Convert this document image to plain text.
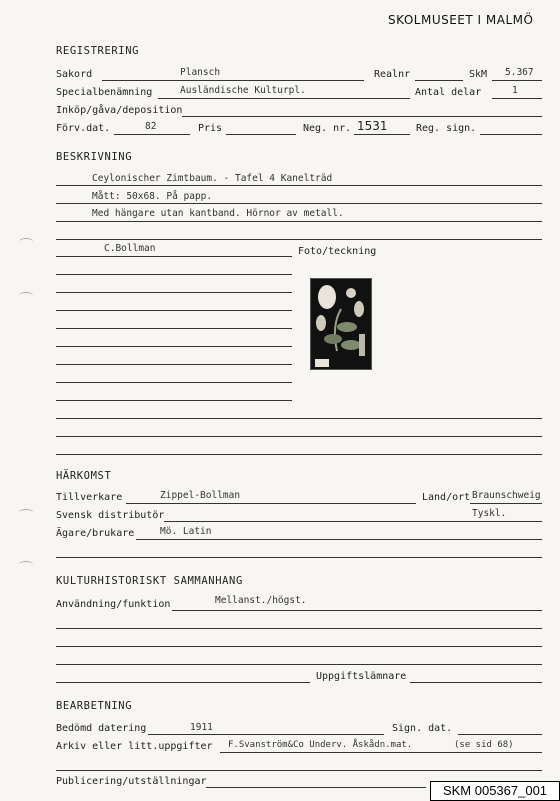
SKOLMUSEET I MALMÖ
REGISTRERING
Sakord	Plansch	Realnr	SkM 5.367
Specialbenämning	Ausländische Kulturpl.	Antal delar	1
Inköp/gåva/deposition
Förv.dat.	82	Pris	Neg. nr. 1531	Reg. sign.
BESKRIVNING
Ceylonischer Zimtbaum. - Tafel 4 Kanelträd
Mått: 50x68. På papp.
Med hängare utan kantband. Hörnor av metall.
C.Bollman	Foto/teckning
HÄRKOMST
Tillverkare	Zippel-Bollman	Land/ort Braunschweig
Svensk distributör	Tyskl.
Ägare/brukare	Mö. Latin
KULTURHISTORISKT SAMMANHANG
Användning/funktion	Mellanst./högst.
Uppgiftslämnare
BEARBETNING
Bedömd datering	1911	Sign. dat.
Arkiv eller litt.uppgifter F.Svanström&Co Underv. Åskådn.mat.	(se sid 68)
Publicering/utställningar
SKM 005367_001
